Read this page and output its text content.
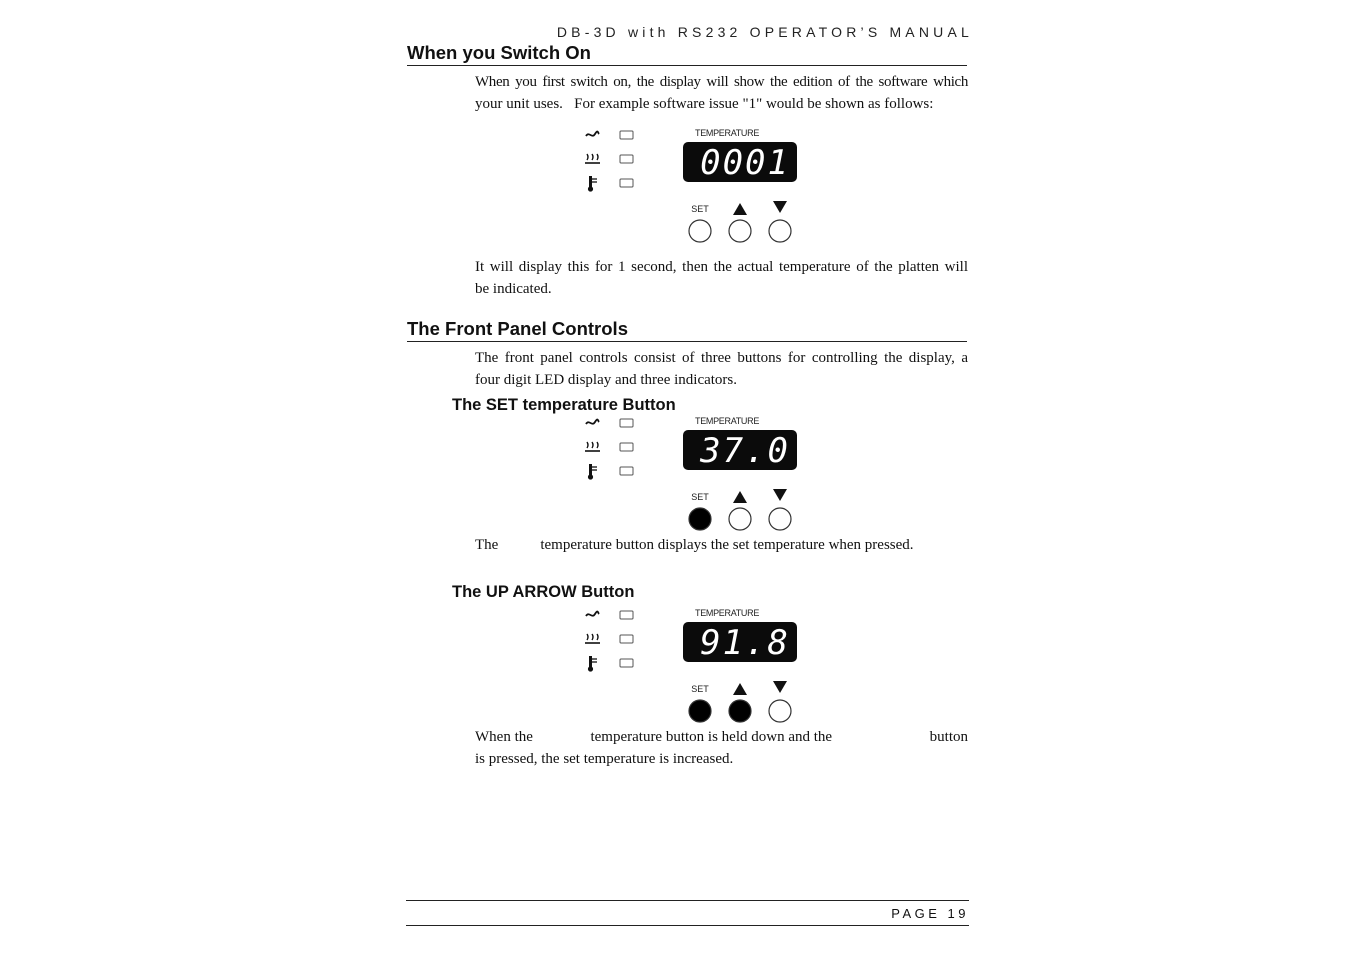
DB-3D with RS232 OPERATOR’S MANUAL
When you Switch On
When you first switch on, the display will show the edition of the software which
your unit uses.   For example software issue "1" would be shown as follows:
TEMPERATURE
0001
SET
It will display this for 1 second, then the actual temperature of the platten will
be indicated.
The Front Panel Controls
The front panel controls consist of three buttons for controlling the display, a
four digit LED display and three indicators.
The SET temperature Button
TEMPERATURE
37.0
SET
The	temperature button displays the set temperature when pressed.
The UP ARROW Button
TEMPERATURE
91.8
SET
When the	temperature button is held down and the	button
is pressed, the set temperature is increased.
PAGE 19
